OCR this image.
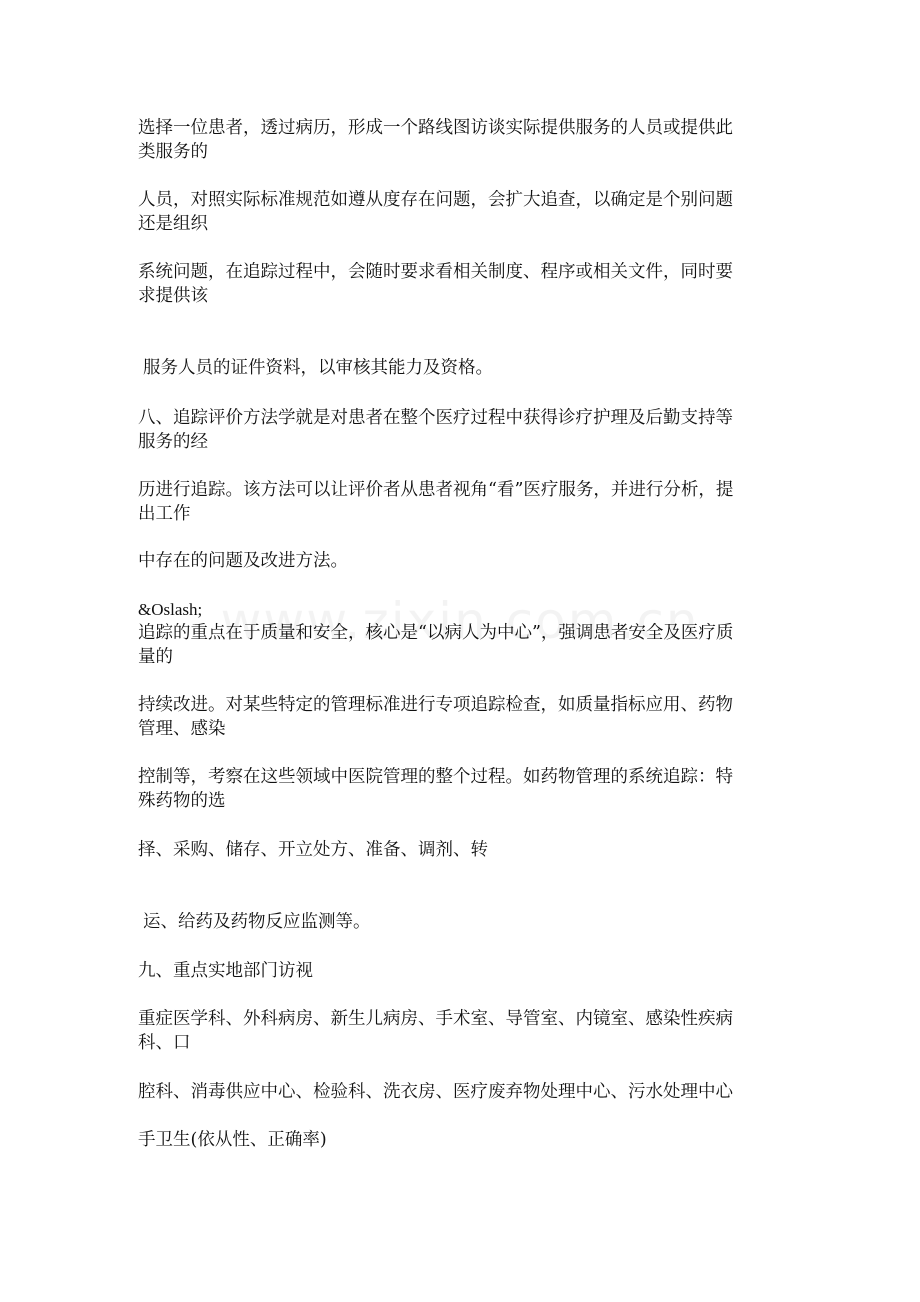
选择一位患者，透过病历，形成一个路线图访谈实际提供服务的人员或提供此
类服务的
人员，对照实际标准规范如遵从度存在问题，会扩大追查，以确定是个别问题
还是组织
系统问题，在追踪过程中，会随时要求看相关制度、程序或相关文件，同时要
求提供该
服务人员的证件资料，以审核其能力及资格。
八、追踪评价方法学就是对患者在整个医疗过程中获得诊疗护理及后勤支持等
服务的经
历进行追踪。该方法可以让评价者从患者视角“看”医疗服务，并进行分析，提
出工作
中存在的问题及改进方法。
&Oslash;
追踪的重点在于质量和安全，核心是“以病人为中心”，强调患者安全及医疗质
量的
持续改进。对某些特定的管理标准进行专项追踪检查，如质量指标应用、药物
管理、感染
控制等，考察在这些领域中医院管理的整个过程。如药物管理的系统追踪：特
殊药物的选
择、采购、储存、开立处方、准备、调剂、转
运、给药及药物反应监测等。
九、重点实地部门访视
重症医学科、外科病房、新生儿病房、手术室、导管室、内镜室、感染性疾病
科、口
腔科、消毒供应中心、检验科、洗衣房、医疗废弃物处理中心、污水处理中心
手卫生(依从性、正确率)
